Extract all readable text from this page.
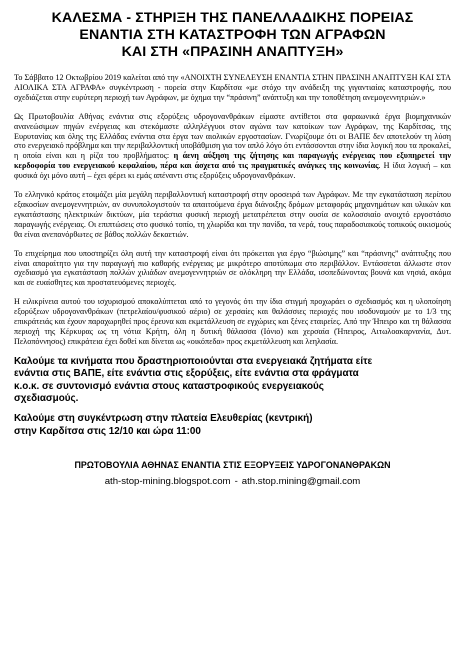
ΚΑΛΕΣΜΑ - ΣΤΗΡΙΞΗ ΤΗΣ ΠΑΝΕΛΛΑΔΙΚΗΣ ΠΟΡΕΙΑΣ
ΕΝΑΝΤΙΑ ΣΤΗ ΚΑΤΑΣΤΡΟΦΗ ΤΩΝ ΑΓΡΑΦΩΝ
ΚΑΙ ΣΤΗ «ΠΡΑΣΙΝΗ ΑΝΑΠΤΥΞΗ»

Το Σάββατο 12 Οκτωβρίου 2019 καλείται από την «ΑΝΟΙΧΤΗ ΣΥΝΕΛΕΥΣΗ ΕΝΑΝΤΙΑ ΣΤΗΝ ΠΡΑΣΙΝΗ ΑΝΑΠΤΥΞΗ ΚΑΙ ΣΤΑ ΑΙΟΛΙΚΑ ΣΤΑ ΑΓΡΑΦΑ» συγκέντρωση - πορεία στην Καρδίτσα «με στόχο την ανάδειξη της γιγαντιαίας καταστροφής, που σχεδιάζεται στην ευρύτερη περιοχή των Αγράφων, με όχημα την “πράσινη” ανάπτυξη και την τοποθέτηση ανεμογεννητριών.»

Ως Πρωτοβουλία Αθήνας ενάντια στις εξορύξεις υδρογονανθράκων είμαστε αντίθετοι στα φαραωνικά έργα βιομηχανικών ανανεώσιμων πηγών ενέργειας και στεκόμαστε αλληλέγγυοι στον αγώνα των κατοίκων των Αγράφων, της Καρδίτσας, της Ευρυτανίας και όλης της Ελλάδας ενάντια στα έργα των αιολικών εργοστασίων. Γνωρίζουμε ότι οι ΒΑΠΕ δεν αποτελούν τη λύση στο ενεργειακό πρόβλημα και την περιβαλλοντική υποβάθμιση για τον απλό λόγο ότι εντάσσονται στην ίδια λογική που τα προκαλεί, η οποία είναι και η ρίζα του προβλήματος: η άενη αύξηση της ζήτησης και παραγωγής ενέργειας που εξυπηρετεί την κερδοφορία του ενεργειακού κεφαλαίου, πέρα και άσχετα από τις πραγματικές ανάγκες της κοινωνίας. Η ίδια λογική – και φυσικά όχι μόνο αυτή – έχει φέρει κι εμάς απέναντι στις εξορύξεις υδρογονανθράκων.

Το ελληνικό κράτος ετοιμάζει μία μεγάλη περιβαλλοντική καταστροφή στην οροσειρά των Αγράφων. Με την εγκατάσταση περίπου εξακοσίων ανεμογεννητριών, αν συνυπολογιστούν τα απαιτούμενα έργα διάνοιξης δρόμων μεταφοράς μηχανημάτων και υλικών και εγκατάστασης ηλεκτρικών δικτύων, μία τεράστια φυσική περιοχή μετατρέπεται στην ουσία σε κολοσσιαίο ανοιχτό εργοστάσιο παραγωγής ενέργειας. Οι επιπτώσεις στο φυσικό τοπίο, τη χλωρίδα και την πανίδα, τα νερά, τους παραδοσιακούς τοπικούς οικισμούς θα είναι ανεπανόρθωτες σε βάθος πολλών δεκαετιών.

Το επιχείρημα που υποστηρίζει όλη αυτή την καταστροφή είναι ότι πρόκειται για έργο “βιώσιμης” και “πράσινης” ανάπτυξης που είναι απαραίτητο για την παραγωγή πιο καθαρής ενέργειας με μικρότερο αποτύπωμα στο περιβάλλον. Εντάσσεται άλλωστε στον σχεδιασμό για εγκατάσταση πολλών χιλιάδων ανεμογεννητριών σε ολόκληρη την Ελλάδα, ισοπεδώνοντας βουνά και νησιά, ακόμα και σε ευαίσθητες και προστατευόμενες περιοχές.

Η ειλικρίνεια αυτού του ισχυρισμού αποκαλύπτεται από το γεγονός ότι την ίδια στιγμή προχωράει ο σχεδιασμός και η υλοποίηση εξορύξεων υδρογονανθράκων (πετρελαίου/φυσικού αέριο) σε χερσαίες και θαλάσσιες περιοχές που ισοδυναμούν με το 1/3 της επικράτειάς και έχουν παραχωρηθεί προς έρευνα και εκμετάλλευση σε εγχώριες και ξένες εταιρείες. Από την Ήπειρο και τη θάλασσα περιοχή της Κέρκυρας ως τη νότια Κρήτη, όλη η δυτική θάλασσα (Ιόνιο) και χερσαία (Ήπειρος, Αιτωλοακαρνανία, Δυτ. Πελοπόννησος) επικράτεια έχει δοθεί και δίνεται ως «οικόπεδα» προς εκμετάλλευση και λεηλασία.

Καλούμε τα κινήματα που δραστηριοποιούνται στα ενεργειακά ζητήματα είτε
ενάντια στις ΒΑΠΕ, είτε ενάντια στις εξορύξεις, είτε ενάντια στα φράγματα
κ.ο.κ. σε συντονισμό ενάντια στους καταστροφικούς ενεργειακούς
σχεδιασμούς.
Καλούμε στη συγκέντρωση στην πλατεία Ελευθερίας (κεντρική)
στην Καρδίτσα στις 12/10 και ώρα 11:00
ΠΡΩΤΟΒΟΥΛΙΑ ΑΘΗΝΑΣ ΕΝΑΝΤΙΑ ΣΤΙΣ ΕΞΟΡΥΞΕΙΣ ΥΔΡΟΓΟΝΑΝΘΡΑΚΩΝ
ath-stop-mining.blogspot.com - ath.stop.mining@gmail.com
